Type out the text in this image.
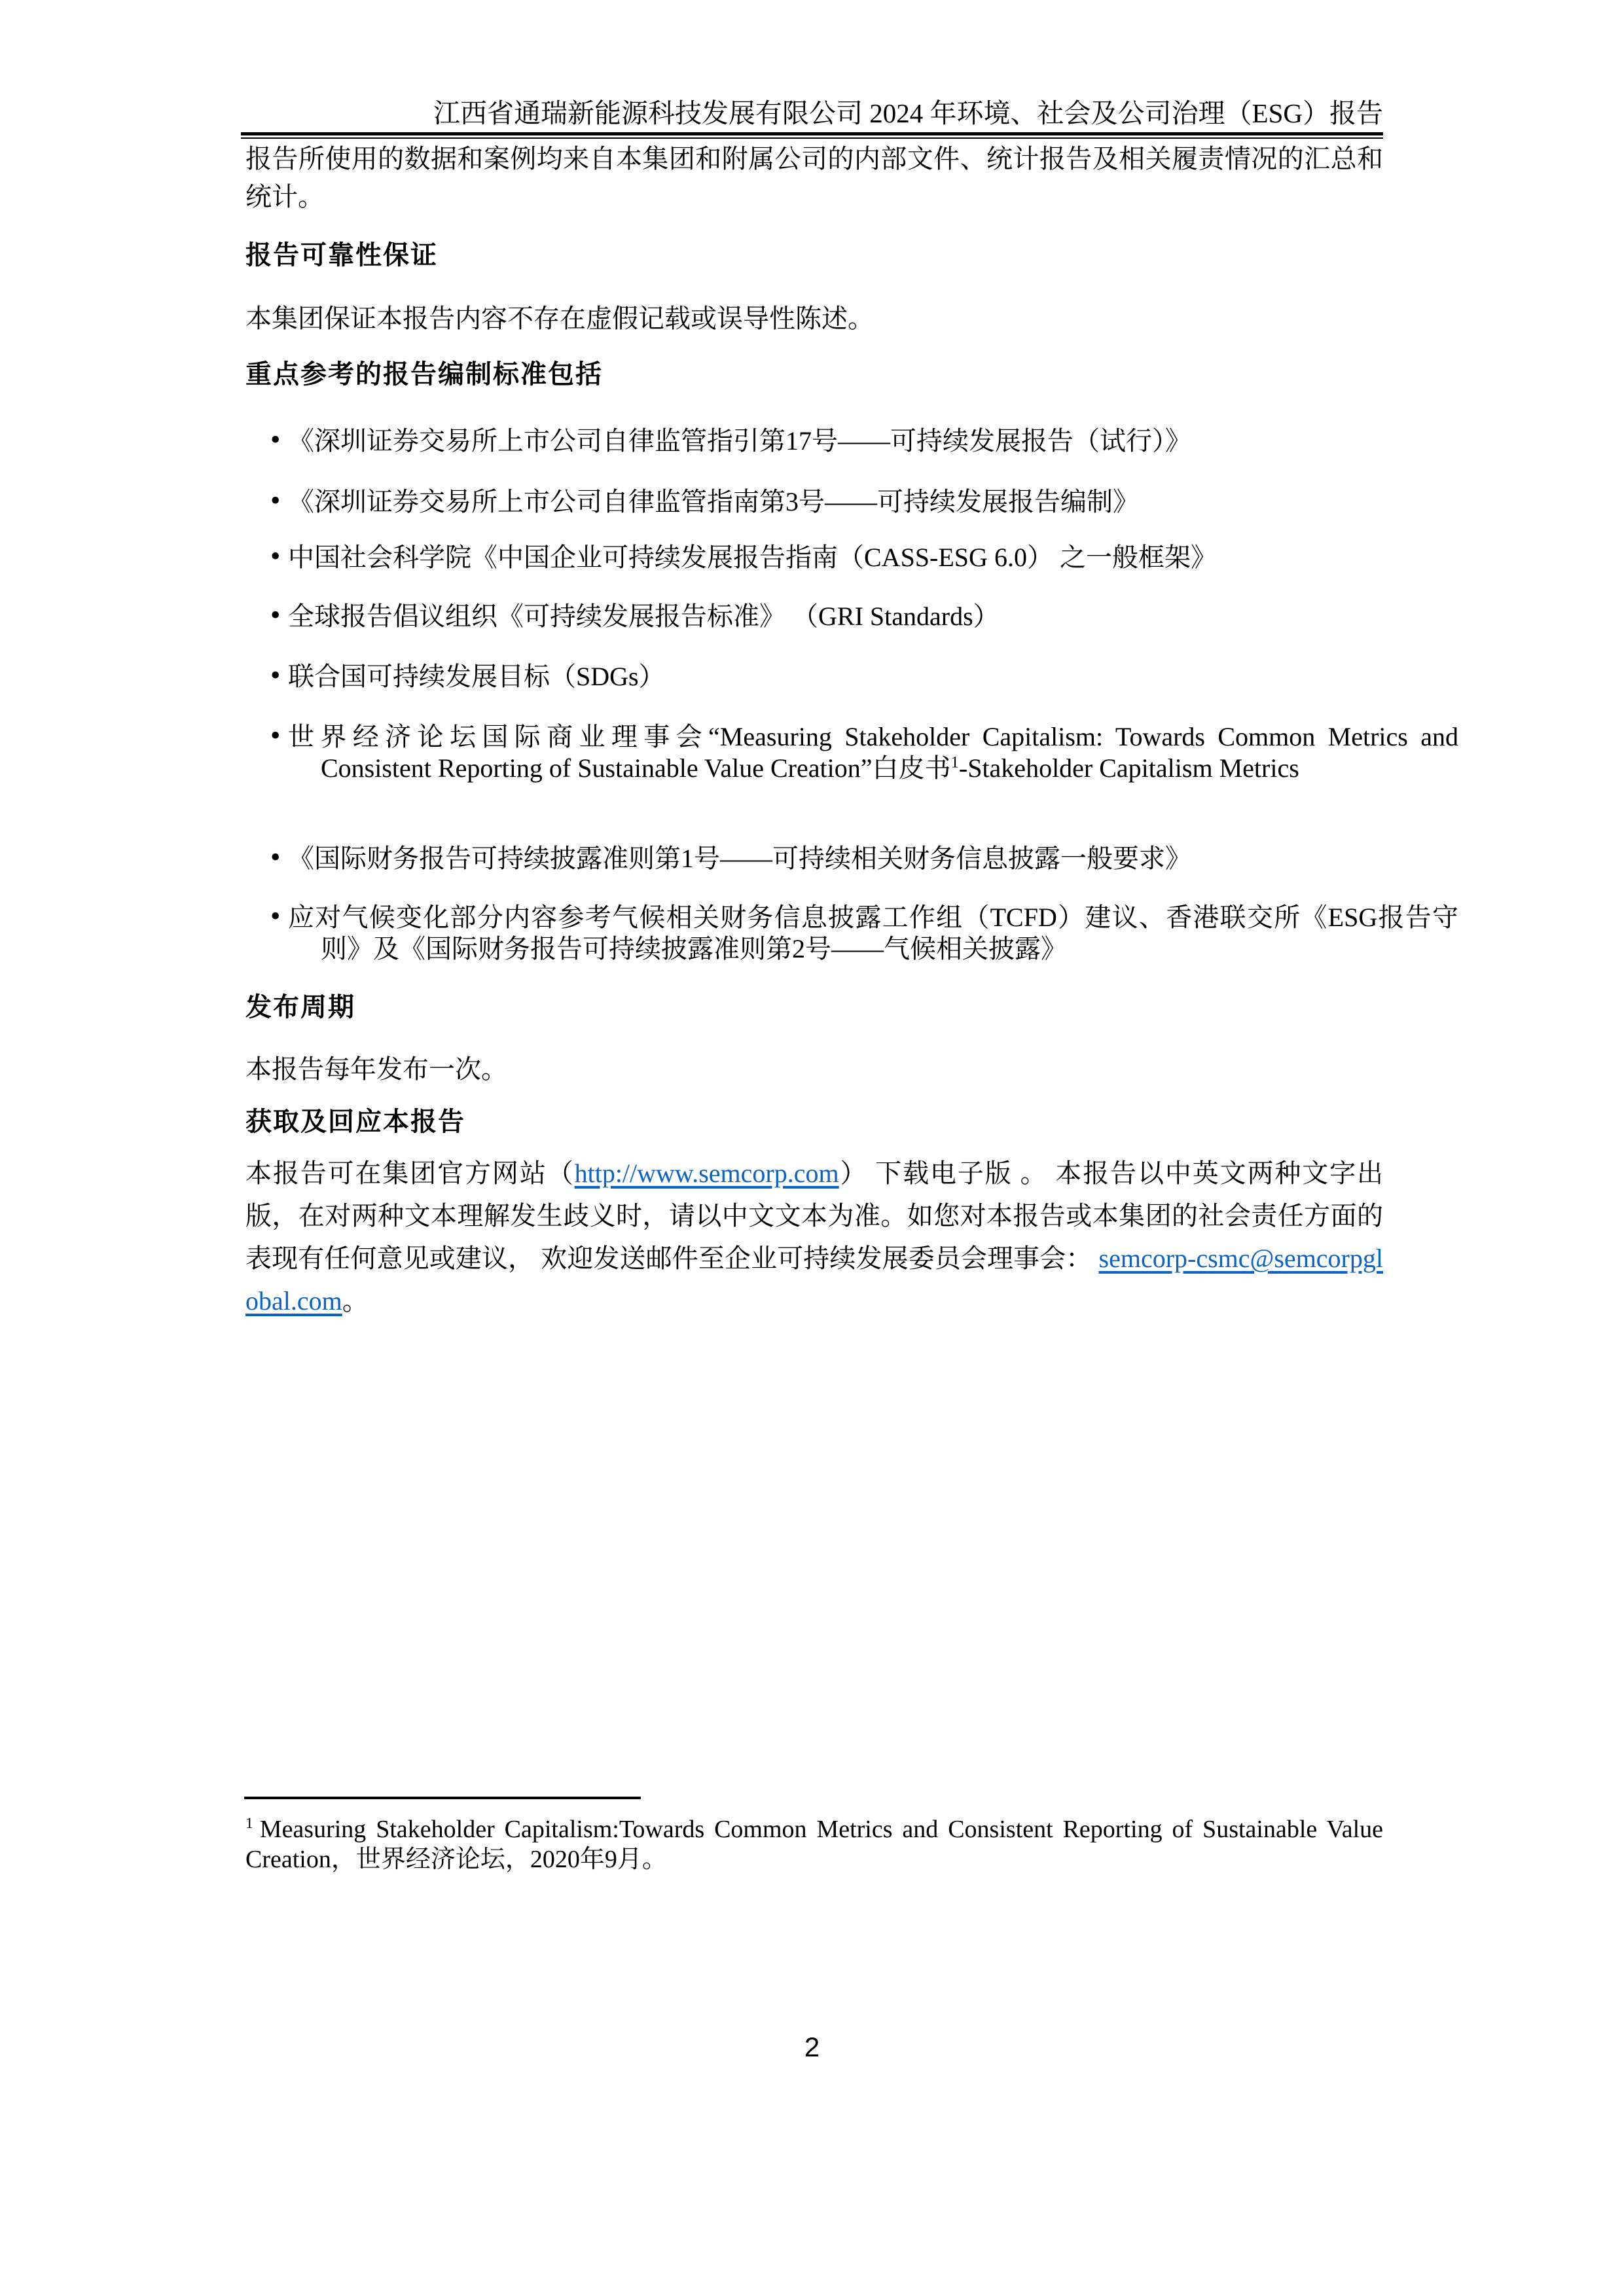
江西省通瑞新能源科技发展有限公司 2024 年环境、社会及公司治理（ESG）报告
报告所使用的数据和案例均来自本集团和附属公司的内部文件、统计报告及相关履责情况的汇总和统计。
报告可靠性保证
本集团保证本报告内容不存在虚假记载或误导性陈述。
重点参考的报告编制标准包括
• 《深圳证券交易所上市公司自律监管指引第17号——可持续发展报告（试行）》
• 《深圳证券交易所上市公司自律监管指南第3号——可持续发展报告编制》
• 中国社会科学院《中国企业可持续发展报告指南（CASS-ESG 6.0） 之一般框架》
• 全球报告倡议组织《可持续发展报告标准》 （GRI Standards）
• 联合国可持续发展目标（SDGs）
• 世界经济论坛国际商业理事会“Measuring Stakeholder Capitalism: Towards Common Metrics and Consistent Reporting of Sustainable Value Creation”白皮书$^1$-Stakeholder Capitalism Metrics
• 《国际财务报告可持续披露准则第1号——可持续相关财务信息披露一般要求》
• 应对气候变化部分内容参考气候相关财务信息披露工作组（TCFD）建议、香港联交所《ESG报告守则》及《国际财务报告可持续披露准则第2号——气候相关披露》
发布周期
本报告每年发布一次。
获取及回应本报告
本报告可在集团官方网站（http://www.semcorp.com） 下载电子版 。 本报告以中英文两种文字出版，在对两种文本理解发生歧义时，请以中文文本为准。如您对本报告或本集团的社会责任方面的表现有任何意见或建议， 欢迎发送邮件至企业可持续发展委员会理事会： semcorp-csmc@semcorpglobal.com。
$^1$ Measuring Stakeholder Capitalism:Towards Common Metrics and Consistent Reporting of Sustainable Value Creation，世界经济论坛，2020年9月。
2
